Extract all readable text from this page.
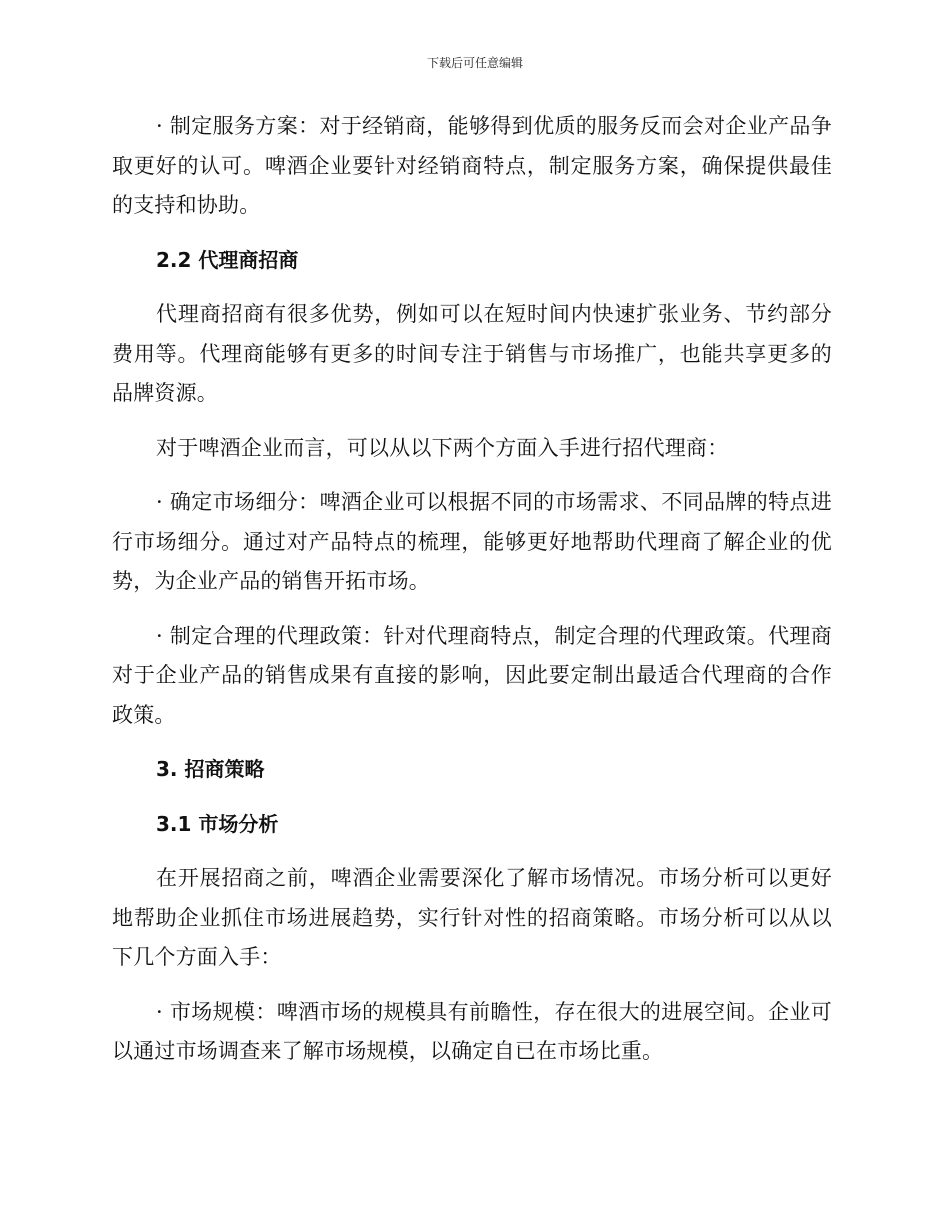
下载后可任意编辑

· 制定服务方案：对于经销商，能够得到优质的服务反而会对企业产品争取更好的认可。啤酒企业要针对经销商特点，制定服务方案，确保提供最佳的支持和协助。

2.2 代理商招商

代理商招商有很多优势，例如可以在短时间内快速扩张业务、节约部分费用等。代理商能够有更多的时间专注于销售与市场推广，也能共享更多的品牌资源。

对于啤酒企业而言，可以从以下两个方面入手进行招代理商：

· 确定市场细分：啤酒企业可以根据不同的市场需求、不同品牌的特点进行市场细分。通过对产品特点的梳理，能够更好地帮助代理商了解企业的优势，为企业产品的销售开拓市场。

· 制定合理的代理政策：针对代理商特点，制定合理的代理政策。代理商对于企业产品的销售成果有直接的影响，因此要定制出最适合代理商的合作政策。

3. 招商策略
3.1 市场分析

在开展招商之前，啤酒企业需要深化了解市场情况。市场分析可以更好地帮助企业抓住市场进展趋势，实行针对性的招商策略。市场分析可以从以下几个方面入手：

· 市场规模：啤酒市场的规模具有前瞻性，存在很大的进展空间。企业可以通过市场调查来了解市场规模，以确定自已在市场比重。
